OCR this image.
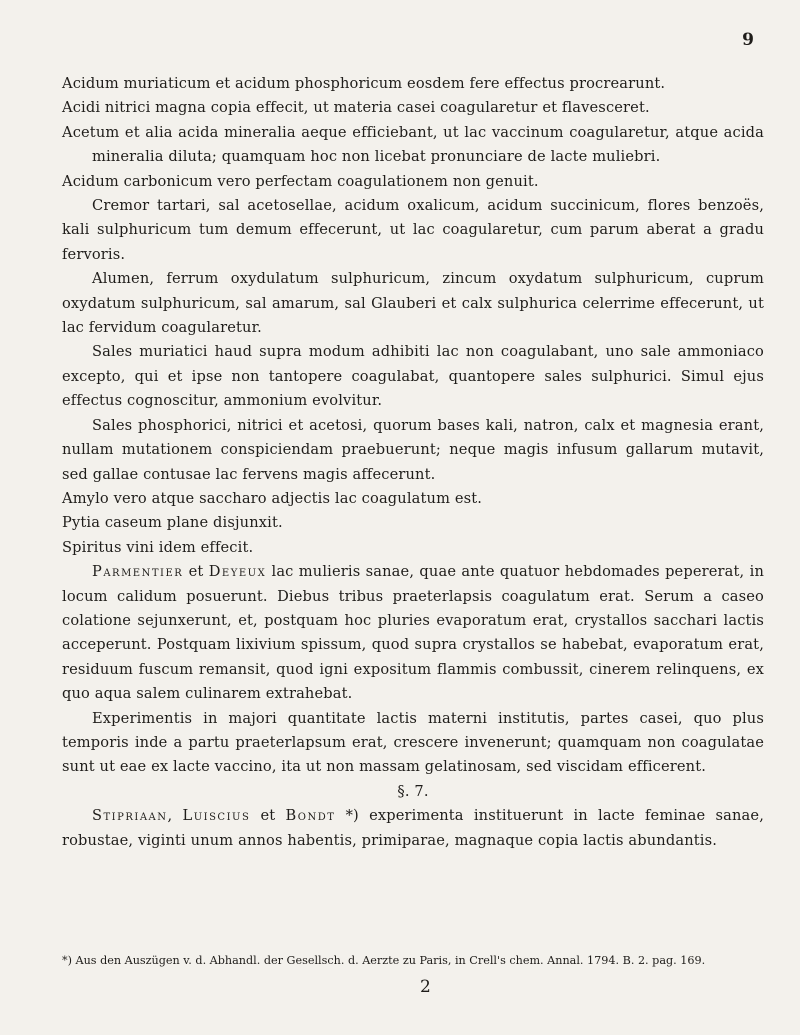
9

Acidum muriaticum et acidum phosphoricum eosdem fere effectus procrearunt.

Acidi nitrici magna copia effecit, ut materia casei coagularetur et flavesceret.

Acetum et alia acida mineralia aeque efficiebant, ut lac vaccinum coagularetur, atque acida mineralia diluta; quamquam hoc non licebat pronunciare de lacte muliebri.

Acidum carbonicum vero perfectam coagulationem non genuit.

Cremor tartari, sal acetosellae, acidum oxalicum, acidum succinicum, flores benzoës, kali sulphuricum tum demum effecerunt, ut lac coagularetur, cum parum aberat a gradu fervoris.

Alumen, ferrum oxydulatum sulphuricum, zincum oxydatum sulphuricum, cuprum oxydatum sulphuricum, sal amarum, sal Glauberi et calx sulphurica celerrime effecerunt, ut lac fervidum coagularetur.

Sales muriatici haud supra modum adhibiti lac non coagulabant, uno sale ammoniaco excepto, qui et ipse non tantopere coagulabat, quantopere sales sulphurici. Simul ejus effectus cognoscitur, ammonium evolvitur.

Sales phosphorici, nitrici et acetosi, quorum bases kali, natron, calx et magnesia erant, nullam mutationem conspiciendam praebuerunt; neque magis infusum gallarum mutavit, sed gallae contusae lac fervens magis affecerunt.

Amylo vero atque saccharo adjectis lac coagulatum est.

Pytia caseum plane disjunxit.

Spiritus vini idem effecit.

Parmentier et Deyeux lac mulieris sanae, quae ante quatuor hebdomades pepererat, in locum calidum posuerunt. Diebus tribus praeterlapsis coagulatum erat. Serum a caseo colatione sejunxerunt, et, postquam hoc pluries evaporatum erat, crystallos sacchari lactis acceperunt. Postquam lixivium spissum, quod supra crystallos se habebat, evaporatum erat, residuum fuscum remansit, quod igni expositum flammis combussit, cinerem relinquens, ex quo aqua salem culinarem extrahebat.

Experimentis in majori quantitate lactis materni institutis, partes casei, quo plus temporis inde a partu praeterlapsum erat, crescere invenerunt; quamquam non coagulatae sunt ut eae ex lacte vaccino, ita ut non massam gelatinosam, sed viscidam efficerent.

§. 7.

Stipriaan, Luiscius et Bondt *) experimenta instituerunt in lacte feminae sanae, robustae, viginti unum annos habentis, primiparae, magnaque copia lactis abundantis.

*) Aus den Auszügen v. d. Abhandl. der Gesellsch. d. Aerzte zu Paris, in Crell's chem. Annal. 1794. B. 2. pag. 169.
2
